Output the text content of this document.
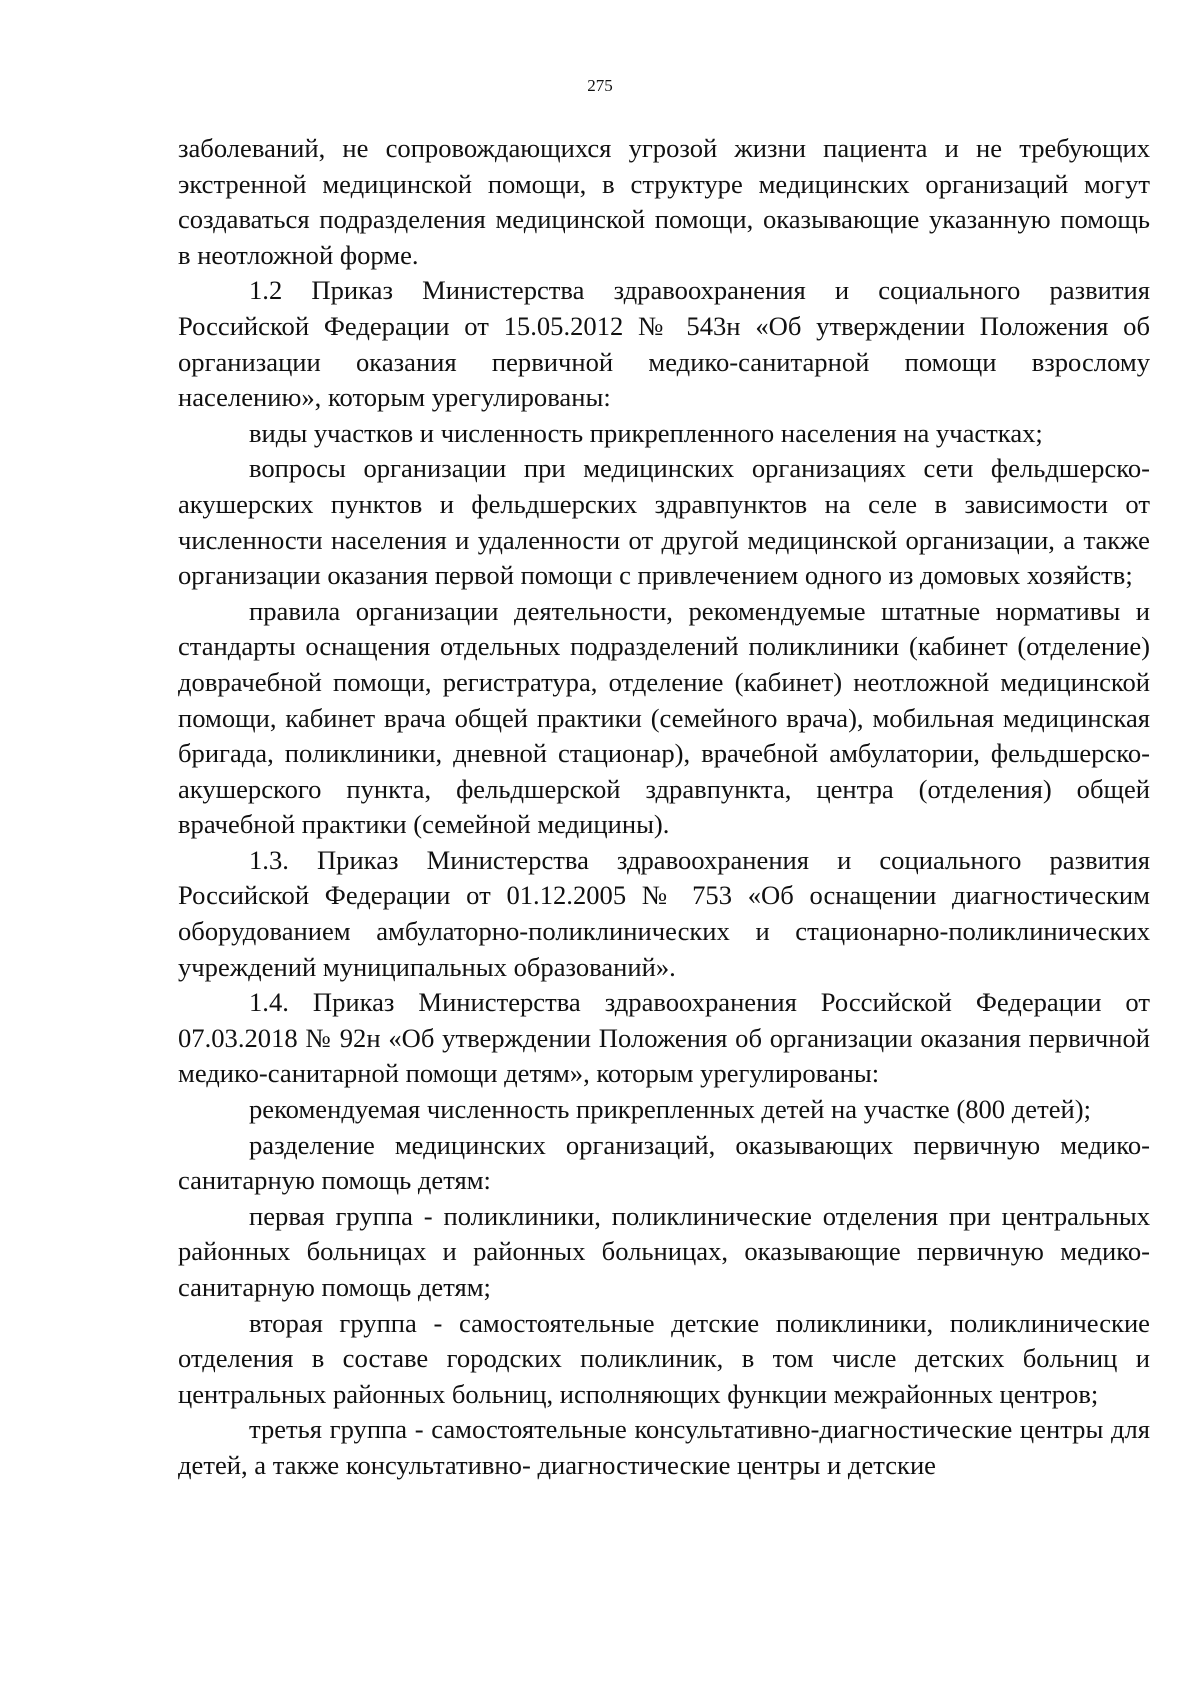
275

заболеваний, не сопровождающихся угрозой жизни пациента и не требующих экстренной медицинской помощи, в структуре медицинских организаций могут создаваться подразделения медицинской помощи, оказывающие указанную помощь в неотложной форме.

1.2 Приказ Министерства здравоохранения и социального развития Российской Федерации от 15.05.2012 № 543н «Об утверждении Положения об организации оказания первичной медико-санитарной помощи взрослому населению», которым урегулированы:

виды участков и численность прикрепленного населения на участках;

вопросы организации при медицинских организациях сети фельдшерско-акушерских пунктов и фельдшерских здравпунктов на селе в зависимости от численности населения и удаленности от другой медицинской организации, а также организации оказания первой помощи с привлечением одного из домовых хозяйств;

правила организации деятельности, рекомендуемые штатные нормативы и стандарты оснащения отдельных подразделений поликлиники (кабинет (отделение) доврачебной помощи, регистратура, отделение (кабинет) неотложной медицинской помощи, кабинет врача общей практики (семейного врача), мобильная медицинская бригада, поликлиники, дневной стационар), врачебной амбулатории, фельдшерско-акушерского пункта, фельдшерской здравпункта, центра (отделения) общей врачебной практики (семейной медицины).

1.3. Приказ Министерства здравоохранения и социального развития Российской Федерации от 01.12.2005 № 753 «Об оснащении диагностическим оборудованием амбулаторно-поликлинических и стационарно-поликлинических учреждений муниципальных образований».

1.4. Приказ Министерства здравоохранения Российской Федерации от 07.03.2018 № 92н «Об утверждении Положения об организации оказания первичной медико-санитарной помощи детям», которым урегулированы:

рекомендуемая численность прикрепленных детей на участке (800 детей);

разделение медицинских организаций, оказывающих первичную медико-санитарную помощь детям:

первая группа - поликлиники, поликлинические отделения при центральных районных больницах и районных больницах, оказывающие первичную медико-санитарную помощь детям;

вторая группа - самостоятельные детские поликлиники, поликлинические отделения в составе городских поликлиник, в том числе детских больниц и центральных районных больниц, исполняющих функции межрайонных центров;

третья группа - самостоятельные консультативно-диагностические центры для детей, а также консультативно- диагностические центры и детские
